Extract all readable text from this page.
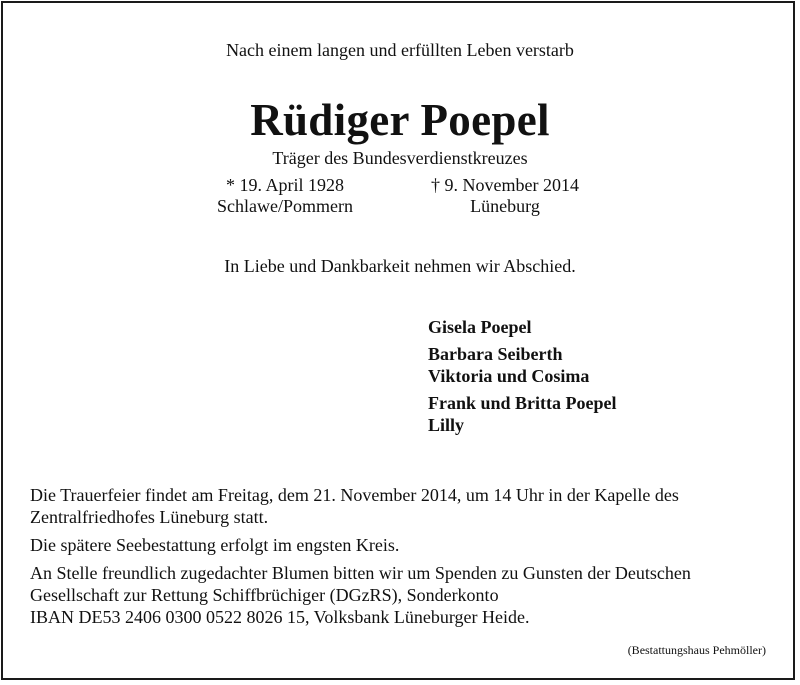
Nach einem langen und erfüllten Leben verstarb
Rüdiger Poepel
Träger des Bundesverdienstkreuzes
* 19. April 1928
Schlawe/Pommern
† 9. November 2014
Lüneburg
In Liebe und Dankbarkeit nehmen wir Abschied.
Gisela Poepel
Barbara Seiberth
Viktoria und Cosima
Frank und Britta Poepel
Lilly

Die Trauerfeier findet am Freitag, dem 21. November 2014, um 14 Uhr in der Kapelle des
Zentralfriedhofes Lüneburg statt.

Die spätere Seebestattung erfolgt im engsten Kreis.

An Stelle freundlich zugedachter Blumen bitten wir um Spenden zu Gunsten der Deutschen
Gesellschaft zur Rettung Schiffbrüchiger (DGzRS), Sonderkonto
IBAN DE53 2406 0300 0522 8026 15, Volksbank Lüneburger Heide.

(Bestattungshaus Pehmöller)
